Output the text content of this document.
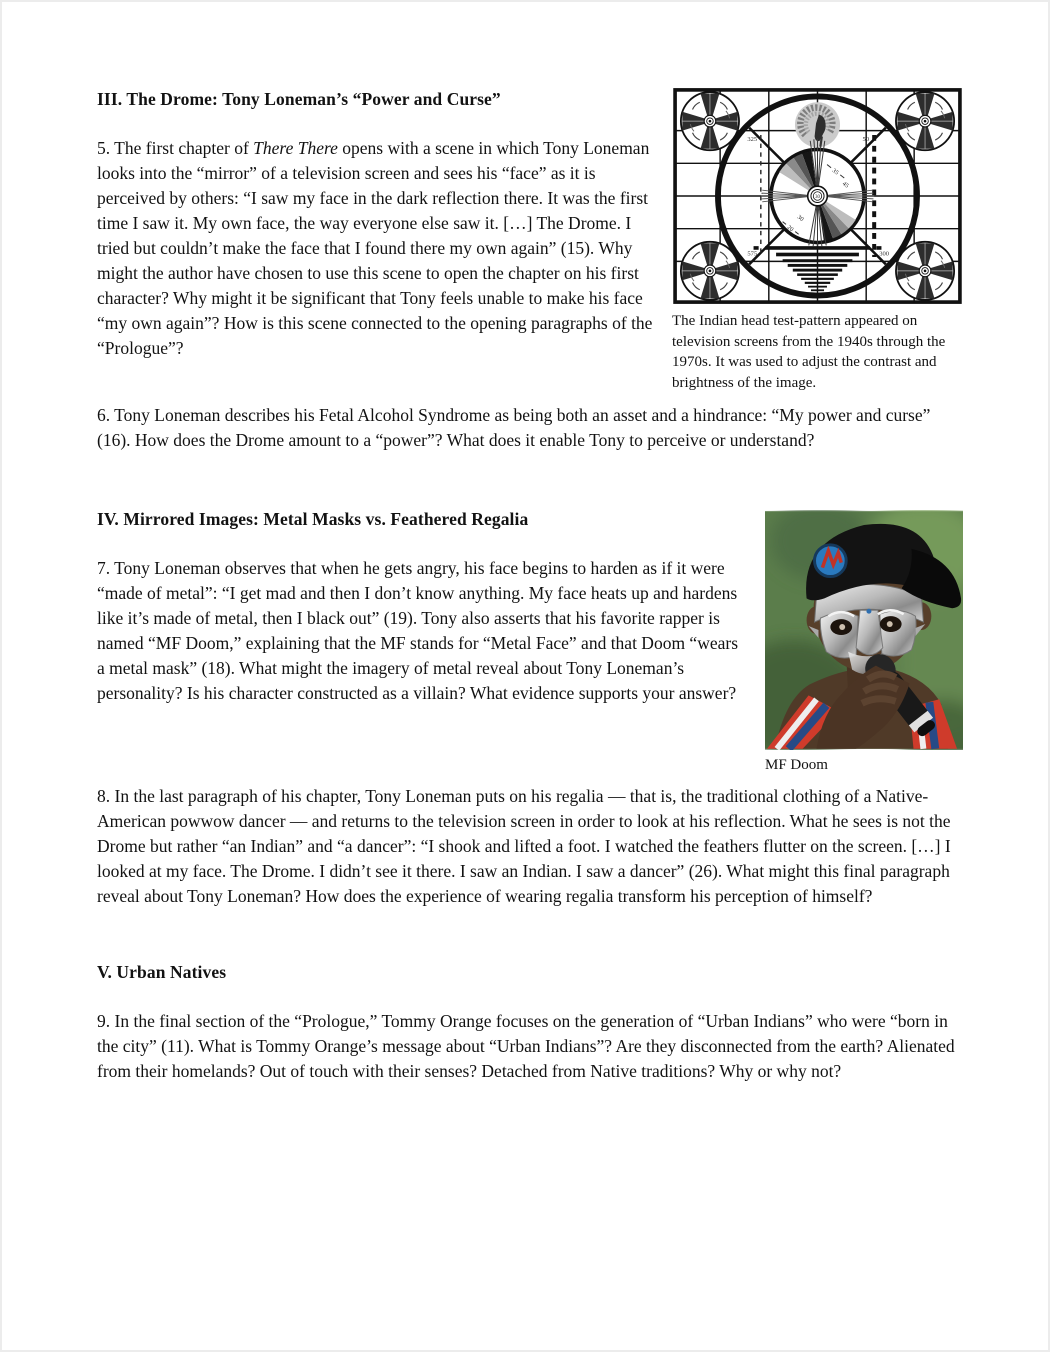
325
575
50
300
30
35
45
30
20
The Indian head test-pattern appeared on television screens from the 1940s through the 1970s. It was used to adjust the contrast and brightness of the image.
III. The Drome: Tony Loneman’s “Power and Curse”

5. The first chapter of There There opens with a scene in which Tony Loneman looks into the “mirror” of a television screen and sees his “face” as it is perceived by others: “I saw my face in the dark reflection there. It was the first time I saw it. My own face, the way everyone else saw it. […] The Drome. I tried but couldn’t make the face that I found there my own again” (15). Why might the author have chosen to use this scene to open the chapter on his first character? Why might it be significant that Tony feels unable to make his face “my own again”? How is this scene connected to the opening paragraphs of the “Prologue”?

6. Tony Loneman describes his Fetal Alcohol Syndrome as being both an asset and a hindrance: “My power and curse” (16). How does the Drome amount to a “power”? What does it enable Tony to perceive or understand?

MF Doom
IV. Mirrored Images: Metal Masks vs. Feathered Regalia

7. Tony Loneman observes that when he gets angry, his face begins to harden as if it were “made of metal”: “I get mad and then I don’t know anything. My face heats up and hardens like it’s made of metal, then I black out” (19). Tony also asserts that his favorite rapper is named “MF Doom,” explaining that the MF stands for “Metal Face” and that Doom “wears a metal mask” (18). What might the imagery of metal reveal about Tony Loneman’s personality? Is his character constructed as a villain? What evidence supports your answer?

8. In the last paragraph of his chapter, Tony Loneman puts on his regalia — that is, the traditional clothing of a Native-American powwow dancer — and returns to the television screen in order to look at his reflection. What he sees is not the Drome but rather “an Indian” and “a dancer”: “I shook and lifted a foot. I watched the feathers flutter on the screen. […] I looked at my face. The Drome. I didn’t see it there. I saw an Indian. I saw a dancer” (26). What might this final paragraph reveal about Tony Loneman? How does the experience of wearing regalia transform his perception of himself?

V. Urban Natives

9. In the final section of the “Prologue,” Tommy Orange focuses on the generation of “Urban Indians” who were “born in the city” (11). What is Tommy Orange’s message about “Urban Indians”? Are they disconnected from the earth? Alienated from their homelands? Out of touch with their senses? Detached from Native traditions? Why or why not?
